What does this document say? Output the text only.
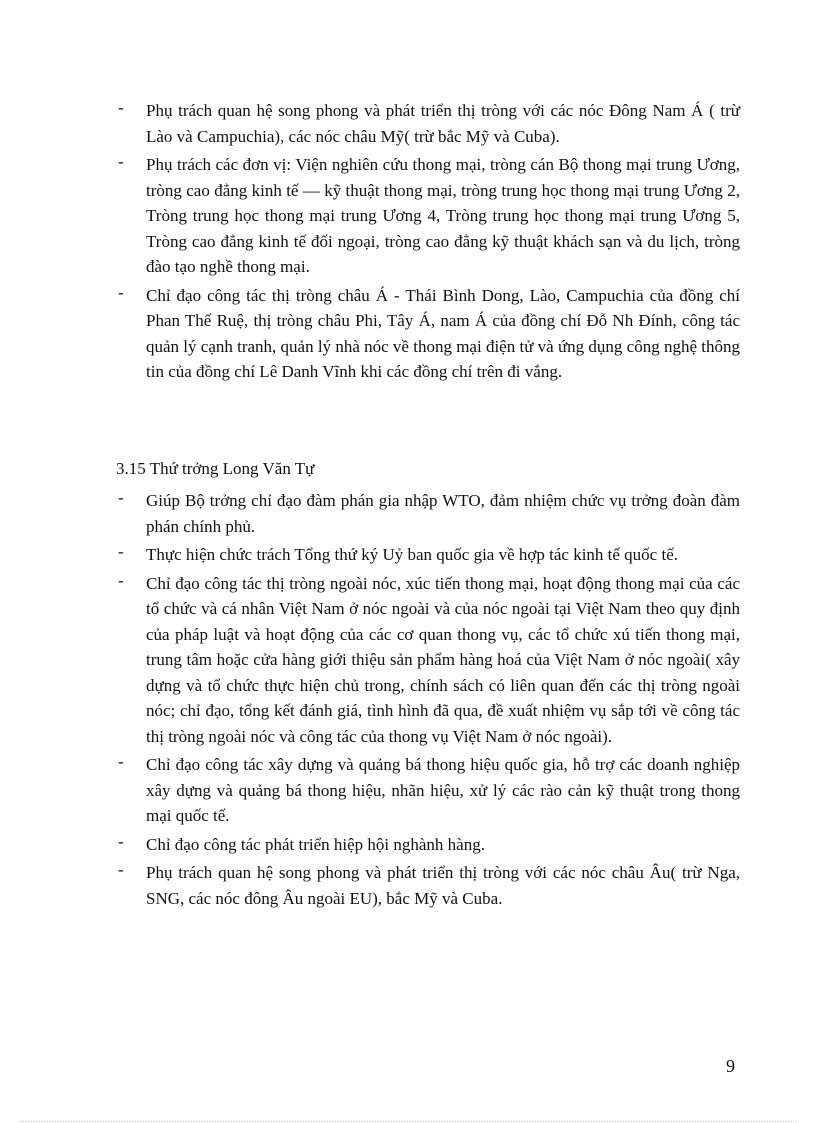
- Phụ trách quan hệ song phong và phát triển thị tròng với các nóc Đông Nam Á ( trừ Lào và Campuchia), các nóc châu Mỹ( trừ bắc Mỹ và Cuba).
- Phụ trách các đơn vị: Viện nghiên cứu thong mại, tròng cán Bộ thong mại trung Ương, tròng cao đẳng kinh tế — kỹ thuật thong mại, tròng trung học thong mại trung Ương 2, Tròng trung học thong mại trung Ương 4, Tròng trung học thong mại trung Ương 5, Tròng cao đẳng kinh tế đối ngoại, tròng cao đẳng kỹ thuật khách sạn và du lịch, tròng đào tạo nghề thong mại.
- Chỉ đạo công tác thị tròng châu Á - Thái Bình Dong, Lào, Campuchia của đồng chí Phan Thế Ruệ, thị tròng châu Phi, Tây Á, nam Á của đồng chí Đỗ Nh Đính, công tác quản lý cạnh tranh, quản lý nhà nóc về thong mại điện tử và ứng dụng công nghệ thông tin của đồng chí Lê Danh Vĩnh khi các đồng chí trên đi vắng.
3.15 Thứ trởng Long Văn Tự
- Giúp Bộ trởng chỉ đạo đàm phán gia nhập WTO, đảm nhiệm chức vụ trởng đoàn đàm phán chính phủ.
- Thực hiện chức trách Tổng thứ ký Uỷ ban quốc gia về hợp tác kinh tế quốc tế.
- Chỉ đạo công tác thị tròng ngoài nóc, xúc tiến thong mại, hoạt động thong mại của các tổ chức và cá nhân Việt Nam ở nóc ngoài và của nóc ngoài tại Việt Nam theo quy định của pháp luật và hoạt động của các cơ quan thong vụ, các tổ chức xú tiến thong mại, trung tâm hoặc cửa hàng giới thiệu sản phẩm hàng hoá của Việt Nam ở nóc ngoài( xây dựng và tổ chức thực hiện chủ trong, chính sách có liên quan đến các thị tròng ngoài nóc; chỉ đạo, tổng kết đánh giá, tình hình đã qua, đề xuất nhiệm vụ sắp tới về công tác thị tròng ngoài nóc và công tác của thong vụ Việt Nam ở nóc ngoài).
- Chỉ đạo công tác xây dựng và quảng bá thong hiệu quốc gia, hỗ trợ các doanh nghiệp xây dựng và quảng bá thong hiệu, nhãn hiệu, xử lý các rào cản kỹ thuật trong thong mại quốc tế.
- Chỉ đạo công tác phát triển hiệp hội nghành hàng.
- Phụ trách quan hệ song phong và phát triển thị tròng với các nóc châu Âu( trừ Nga, SNG, các nóc đông Âu ngoài EU), bắc Mỹ và Cuba.
9
